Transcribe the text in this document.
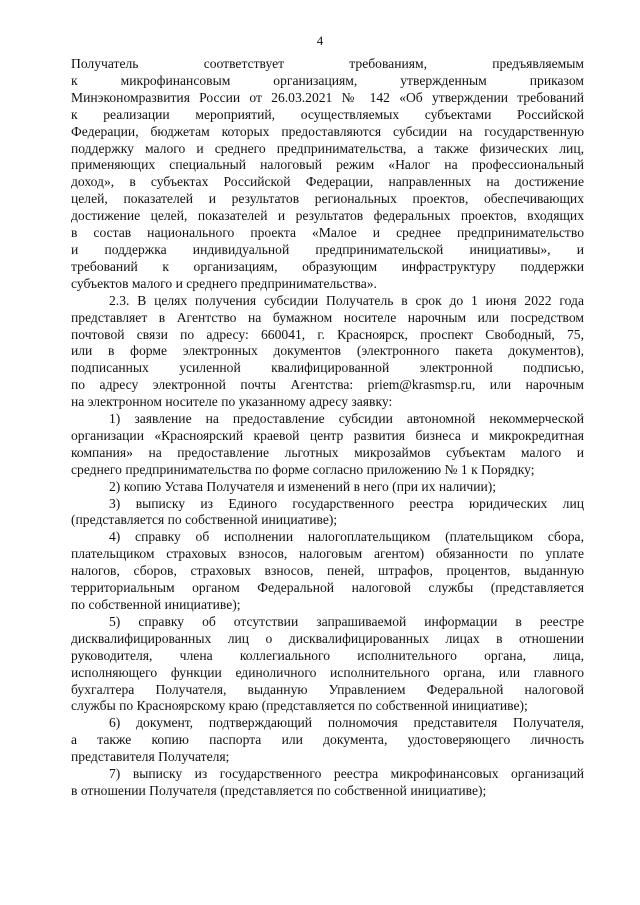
4
Получатель соответствует требованиям, предъявляемым
к микрофинансовым организациям, утвержденным приказом
Минэкономразвития России от 26.03.2021 № 142 «Об утверждении требований
к реализации мероприятий, осуществляемых субъектами Российской
Федерации, бюджетам которых предоставляются субсидии на государственную
поддержку малого и среднего предпринимательства, а также физических лиц,
применяющих специальный налоговый режим «Налог на профессиональный
доход», в субъектах Российской Федерации, направленных на достижение
целей, показателей и результатов региональных проектов, обеспечивающих
достижение целей, показателей и результатов федеральных проектов, входящих
в состав национального проекта «Малое и среднее предпринимательство
и поддержка индивидуальной предпринимательской инициативы», и
требований к организациям, образующим инфраструктуру поддержки
субъектов малого и среднего предпринимательства».
2.3. В целях получения субсидии Получатель в срок до 1 июня 2022 года
представляет в Агентство на бумажном носителе нарочным или посредством
почтовой связи по адресу: 660041, г. Красноярск, проспект Свободный, 75,
или в форме электронных документов (электронного пакета документов),
подписанных усиленной квалифицированной электронной подписью,
по адресу электронной почты Агентства: priem@krasmsp.ru, или нарочным
на электронном носителе по указанному адресу заявку:
1) заявление на предоставление субсидии автономной некоммерческой
организации «Красноярский краевой центр развития бизнеса и микрокредитная
компания» на предоставление льготных микрозаймов субъектам малого и
среднего предпринимательства по форме согласно приложению № 1 к Порядку;
2) копию Устава Получателя и изменений в него (при их наличии);
3) выписку из Единого государственного реестра юридических лиц
(представляется по собственной инициативе);
4) справку об исполнении налогоплательщиком (плательщиком сбора,
плательщиком страховых взносов, налоговым агентом) обязанности по уплате
налогов, сборов, страховых взносов, пеней, штрафов, процентов, выданную
территориальным органом Федеральной налоговой службы (представляется
по собственной инициативе);
5) справку об отсутствии запрашиваемой информации в реестре
дисквалифицированных лиц о дисквалифицированных лицах в отношении
руководителя, члена коллегиального исполнительного органа, лица,
исполняющего функции единоличного исполнительного органа, или главного
бухгалтера Получателя, выданную Управлением Федеральной налоговой
службы по Красноярскому краю (представляется по собственной инициативе);
6) документ, подтверждающий полномочия представителя Получателя,
а также копию паспорта или документа, удостоверяющего личность
представителя Получателя;
7) выписку из государственного реестра микрофинансовых организаций
в отношении Получателя (представляется по собственной инициативе);
